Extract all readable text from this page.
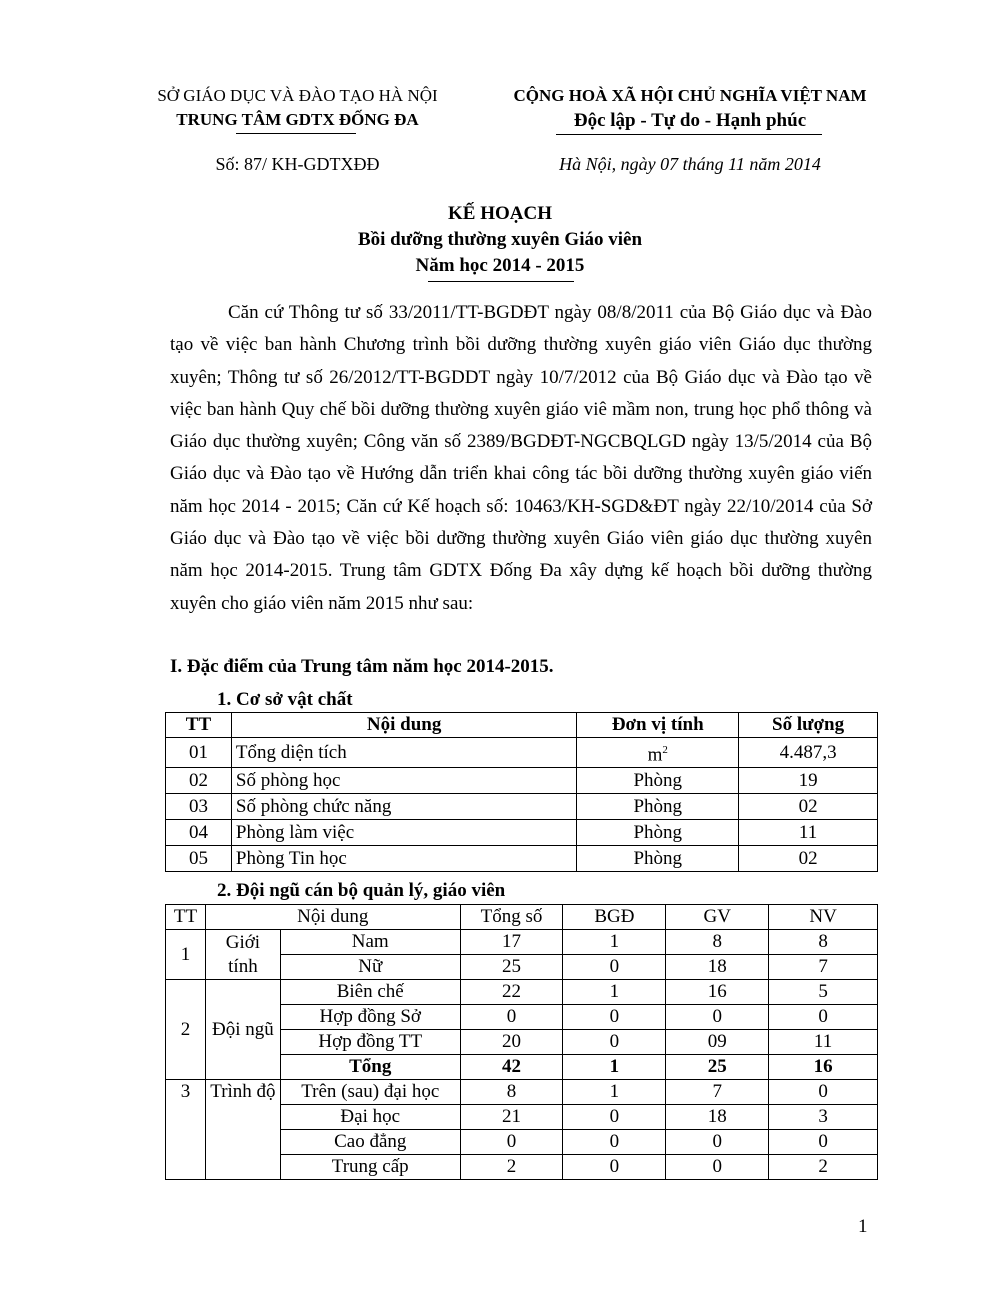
SỞ GIÁO DỤC VÀ ĐÀO TẠO HÀ NỘI
TRUNG TÂM GDTX ĐỐNG ĐA
CỘNG HOÀ XÃ HỘI CHỦ NGHĨA VIỆT NAM
Độc lập - Tự do - Hạnh phúc
Số: 87/ KH-GDTXĐĐ	Hà Nội, ngày 07 tháng 11 năm 2014
KẾ HOẠCH
Bồi dưỡng thường xuyên Giáo viên
Năm học 2014 - 2015

Căn cứ Thông tư số 33/2011/TT-BGDĐT ngày 08/8/2011 của Bộ Giáo dục và Đào tạo về việc ban hành Chương trình bồi dưỡng thường xuyên giáo viên Giáo dục thường xuyên; Thông tư số 26/2012/TT-BGDDT ngày 10/7/2012 của Bộ Giáo dục và Đào tạo về việc ban hành Quy chế bồi dưỡng thường xuyên giáo viê mầm non, trung học phổ thông và Giáo dục thường xuyên; Công văn số 2389/BGDĐT-NGCBQLGD ngày 13/5/2014 của Bộ Giáo dục và Đào tạo về Hướng dẫn triển khai công tác bồi dưỡng thường xuyên giáo viến năm học 2014 - 2015; Căn cứ Kế hoạch số: 10463/KH-SGD&ĐT ngày 22/10/2014 của Sở Giáo dục và Đào tạo về việc bồi dưỡng thường xuyên Giáo viên giáo dục thường xuyên năm học 2014-2015. Trung tâm GDTX Đống Đa xây dựng kế hoạch bồi dưỡng thường xuyên cho giáo viên năm 2015 như sau:

I. Đặc điểm của Trung tâm năm học 2014-2015.
1. Cơ sở vật chất
TT	Nội dung	Đơn vị tính	Số lượng
01	Tổng diện tích	$m^2$	4.487,3
02	Số phòng học	Phòng	19
03	Số phòng chức năng	Phòng	02
04	Phòng làm việc	Phòng	11
05	Phòng Tin học	Phòng	02
2. Đội ngũ cán bộ quản lý, giáo viên
TT	Nội dung		Tổng số	BGĐ	GV	NV
1	Giới tính	Nam	17	1	8	8
		Nữ	25	0	18	7
2	Đội ngũ	Biên chế	22	1	16	5
		Hợp đồng Sở	0	0	0	0
		Hợp đồng TT	20	0	09	11
		Tổng	42	1	25	16
3	Trình độ	Trên (sau) đại học	8	1	7	0
		Đại học	21	0	18	3
		Cao đẳng	0	0	0	0
		Trung cấp	2	0	0	2
1
